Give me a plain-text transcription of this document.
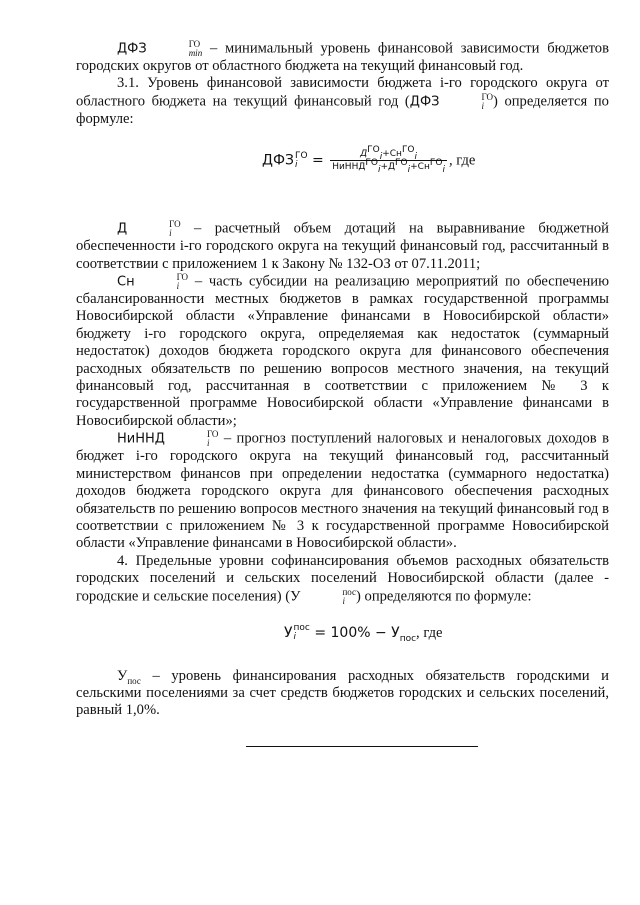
ДФЗ	ГО
min – минимальный уровень финансовой зависимости бюджетов городских округов от областного бюджета на текущий финансовый год.

3.1. Уровень финансовой зависимости бюджета i-го городского округа от областного бюджета на текущий финансовый год (ДФЗ	ГО
i ) определяется по формуле:

ДФЗ ГО
$i = \frac{Д^{ГО}_i+Сн^{ГО}_i}{НиННД^{ГО}_i+Д^{ГО}_i+Сн^{ГО}_i}$ , где

Д	ГО
i – расчетный объем дотаций на выравнивание бюджетной обеспеченности i-го городского округа на текущий финансовый год, рассчитанный в соответствии с приложением 1 к Закону № 132-ОЗ от 07.11.2011;

Сн	ГО
i – часть субсидии на реализацию мероприятий по обеспечению сбалансированности местных бюджетов в рамках государственной программы Новосибирской области «Управление финансами в Новосибирской области» бюджету i-го городского округа, определяемая как недостаток (суммарный недостаток) доходов бюджета городского округа для финансового обеспечения расходных обязательств по решению вопросов местного значения, на текущий финансовый год, рассчитанная в соответствии с приложением № 3 к государственной программе Новосибирской области «Управление финансами в Новосибирской области»;

НиННД	ГО
i – прогноз поступлений налоговых и неналоговых доходов в бюджет i-го городского округа на текущий финансовый год, рассчитанный министерством финансов при определении недостатка (суммарного недостатка) доходов бюджета городского округа для финансового обеспечения расходных обязательств по решению вопросов местного значения на текущий финансовый год в соответствии с приложением № 3 к государственной программе Новосибирской области «Управление финансами в Новосибирской области».

4. Предельные уровни софинансирования объемов расходных обязательств городских поселений и сельских поселений Новосибирской области (далее - городские и сельские поселения) (У	пос
i ) определяются по формуле:

У пос
$i = 100\% - У_{пос}$, где

$У_{пос}$ – уровень финансирования расходных обязательств городскими и сельскими поселениями за счет средств бюджетов городских и сельских поселений, равный 1,0%.
